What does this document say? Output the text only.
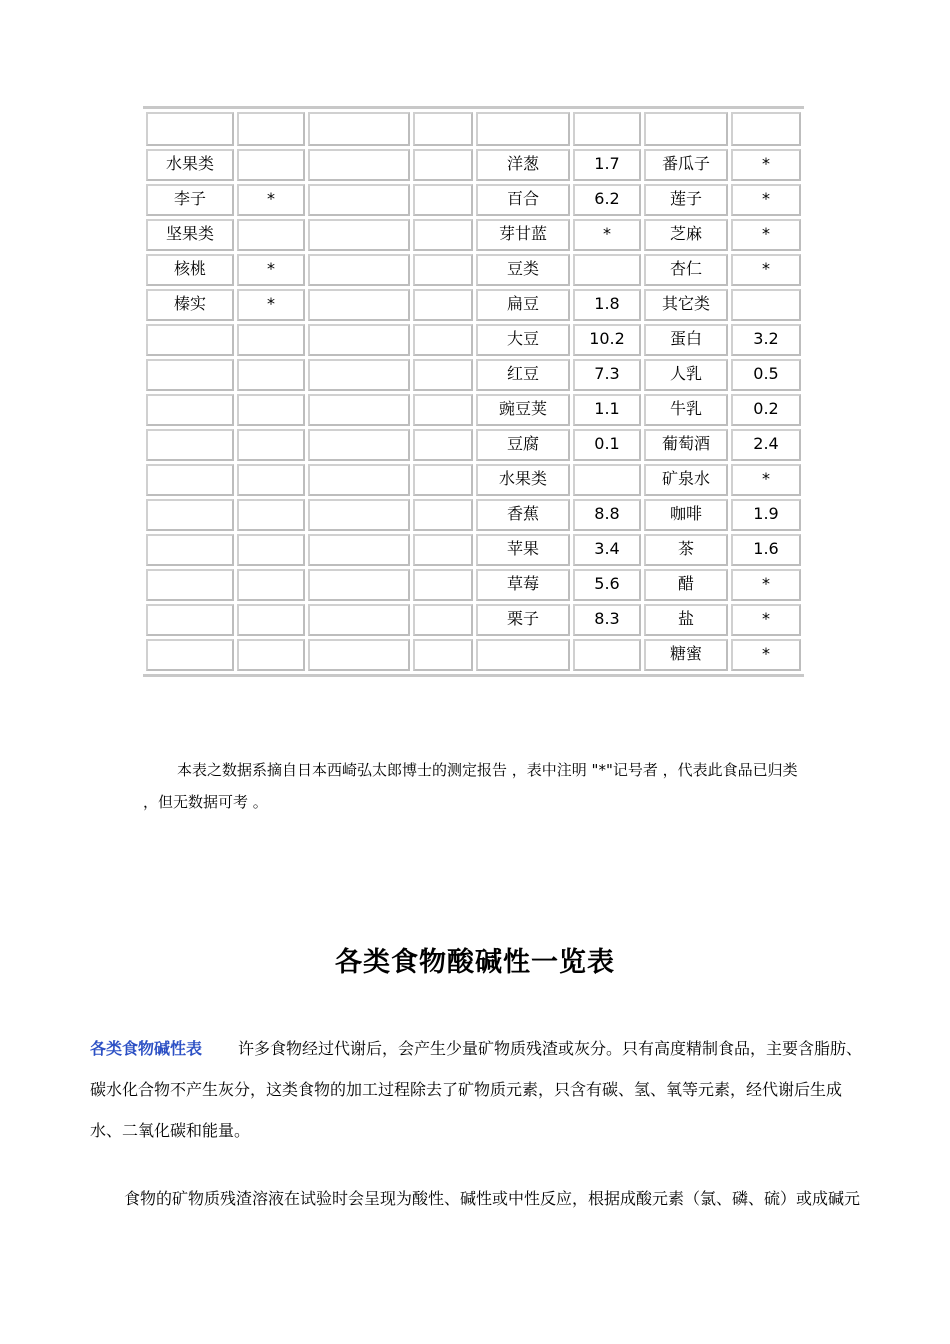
水果类				洋葱	1.7	番瓜子	*
李子	*			百合	6.2	莲子	*
坚果类				芽甘蓝	*	芝麻	*
核桃	*			豆类		杏仁	*
榛实	*			扁豆	1.8	其它类	
				大豆	10.2	蛋白	3.2
				红豆	7.3	人乳	0.5
				豌豆荚	1.1	牛乳	0.2
				豆腐	0.1	葡萄酒	2.4
				水果类		矿泉水	*
				香蕉	8.8	咖啡	1.9
				苹果	3.4	茶	1.6
				草莓	5.6	醋	*
				栗子	8.3	盐	*
						糖蜜	*
本表之数据系摘自日本西崎弘太郎博士的测定报告 ，表中注明 "*"记号者 ，代表此食品已归类 ，但无数据可考 。
各类食物酸碱性一览表
各类食物碱性表 许多食物经过代谢后，会产生少量矿物质残渣或灰分。只有高度精制食品，主要含脂肪、碳水化合物不产生灰分，这类食物的加工过程除去了矿物质元素，只含有碳、氢、氧等元素，经代谢后生成水、二氧化碳和能量。
食物的矿物质残渣溶液在试验时会呈现为酸性、碱性或中性反应，根据成酸元素（氯、磷、硫）或成碱元
